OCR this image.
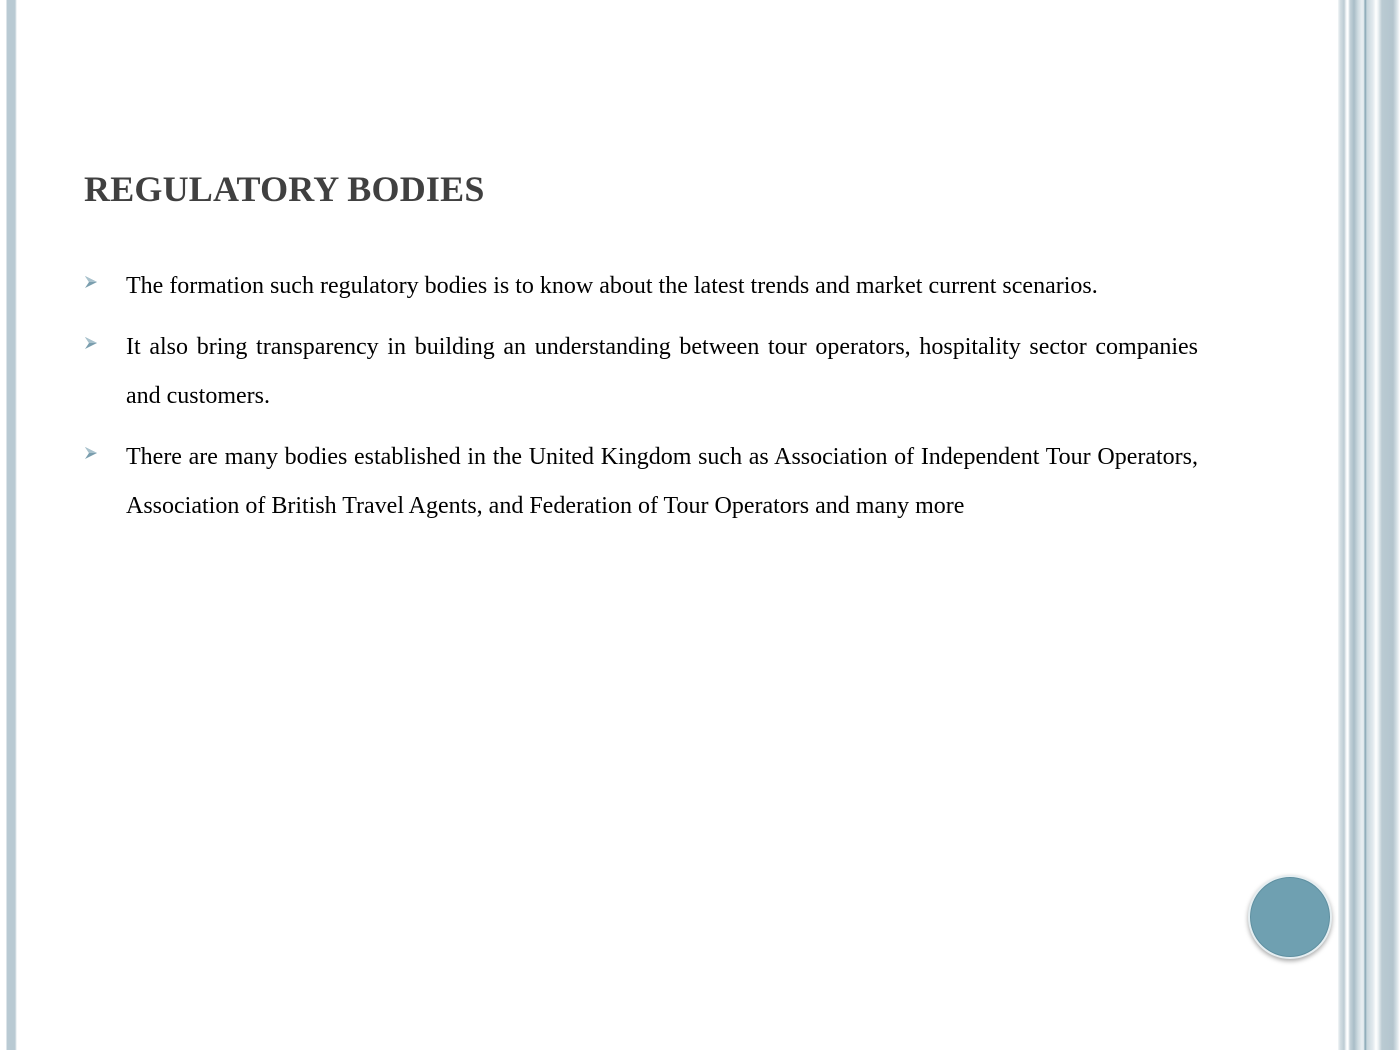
REGULATORY BODIES
The formation such regulatory bodies is to know about the latest trends and market current scenarios.
It also bring transparency in building an understanding between tour operators, hospitality sector companies and customers.
There are many bodies established in the United Kingdom such as Association of Independent Tour Operators, Association of British Travel Agents, and Federation of Tour Operators and many more
